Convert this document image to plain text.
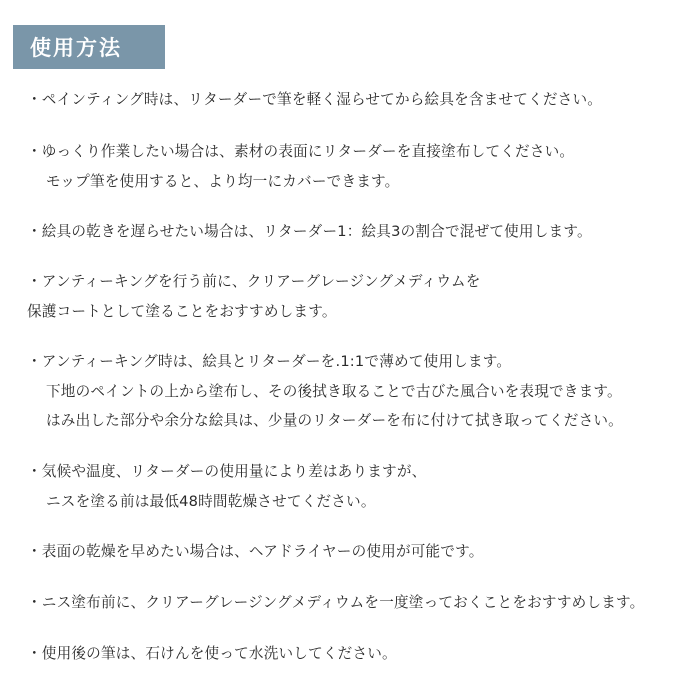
使用方法
・ペインティング時は、リターダーで筆を軽く湿らせてから絵具を含ませてください。
・ゆっくり作業したい場合は、素材の表面にリターダーを直接塗布してください。
モップ筆を使用すると、より均一にカバーできます。
・絵具の乾きを遅らせたい場合は、リターダー1：絵具3の割合で混ぜて使用します。
・アンティーキングを行う前に、クリアーグレージングメディウムを
保護コートとして塗ることをおすすめします。
・アンティーキング時は、絵具とリターダーを.1:1で薄めて使用します。
下地のペイントの上から塗布し、その後拭き取ることで古びた風合いを表現できます。
はみ出した部分や余分な絵具は、少量のリターダーを布に付けて拭き取ってください。
・気候や温度、リターダーの使用量により差はありますが、
ニスを塗る前は最低48時間乾燥させてください。
・表面の乾燥を早めたい場合は、ヘアドライヤーの使用が可能です。
・ニス塗布前に、クリアーグレージングメディウムを一度塗っておくことをおすすめします。
・使用後の筆は、石けんを使って水洗いしてください。
